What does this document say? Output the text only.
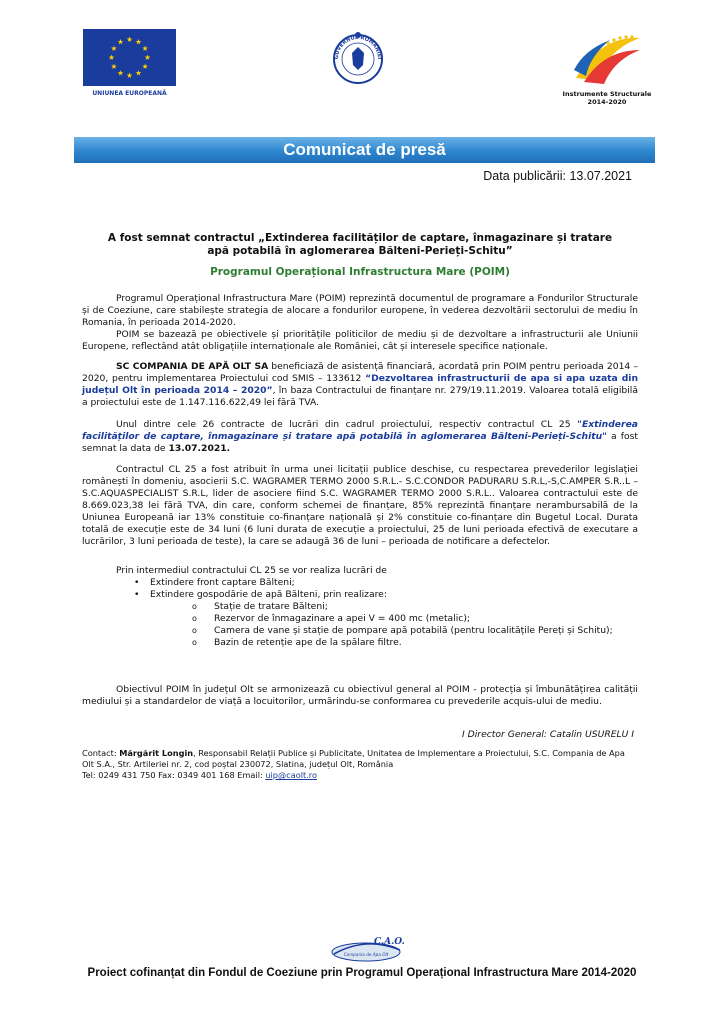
UNIUNEA EUROPEANĂ
GUVERNUL ROMÂNIEI
Instrumente Structurale
2014-2020
Comunicat de presă
Data publicării: 13.07.2021
A fost semnat contractul „Extinderea facilităților de captare, înmagazinare și tratare
apă potabilă în aglomerarea Bălteni-Perieți-Schitu”
Programul Operațional Infrastructura Mare (POIM)

Programul Operațional Infrastructura Mare (POIM) reprezintă documentul de programare a Fondurilor Structurale și de Coeziune, care stabilește strategia de alocare a fondurilor europene, în vederea dezvoltării sectorului de mediu în Romania, în perioada 2014-2020.

POIM se bazează pe obiectivele și prioritățile politicilor de mediu și de dezvoltare a infrastructurii ale Uniunii Europene, reflectând atât obligațiile internaționale ale României, cât și interesele specifice naționale.

SC COMPANIA DE APĂ OLT SA beneficiază de asistență financiară, acordată prin POIM pentru perioada 2014 – 2020, pentru implementarea Proiectului cod SMIS – 133612 “Dezvoltarea infrastructurii de apa si apa uzata din județul Olt în perioada 2014 – 2020”, în baza Contractului de finanțare nr. 279/19.11.2019. Valoarea totală eligibilă a proiectului este de 1.147.116.622,49 lei fără TVA.

Unul dintre cele 26 contracte de lucrări din cadrul proiectului, respectiv contractul CL 25 "Extinderea facilităților de captare, înmagazinare și tratare apă potabilă în aglomerarea Bălteni-Perieți-Schitu" a fost semnat la data de 13.07.2021.

Contractul CL 25 a fost atribuit în urma unei licitații publice deschise, cu respectarea prevederilor legislației românești în domeniu, asocierii S.C. WAGRAMER TERMO 2000 S.R.L.- S.C.CONDOR PADURARU S.R.L,-S,C.AMPER S.R..L – S.C.AQUASPECIALIST S.R.L, lider de asociere fiind S.C. WAGRAMER TERMO 2000 S.R.L.. Valoarea contractului este de 8.669.023,38 lei fără TVA, din care, conform schemei de finanțare, 85% reprezintă finanțare nerambursabilă de la Uniunea Europeană iar 13% constituie co-finanțare națională și 2% constituie co-finanțare din Bugetul Local. Durata totală de execuție este de 34 luni (6 luni durata de execuție a proiectului, 25 de luni perioada efectivă de executare a lucrărilor, 3 luni perioada de teste), la care se adaugă 36 de luni – perioada de notificare a defectelor.

Prin intermediul contractului CL 25 se vor realiza lucrări de

• Extindere front captare Bălteni;
• Extindere gospodărie de apă Bălteni, prin realizare:
o Stație de tratare Bălteni;
o Rezervor de înmagazinare a apei V = 400 mc (metalic);
o Camera de vane și stație de pompare apă potabilă (pentru localitățile Pereți și Schitu);
o Bazin de retenție ape de la spălare filtre.

Obiectivul POIM în județul Olt se armonizează cu obiectivul general al POIM - protecția și îmbunătățirea calității mediului și a standardelor de viață a locuitorilor, urmărindu-se conformarea cu prevederile acquis-ului de mediu.

I Director General: Catalin USURELU I
Contact: Mărgărit Longin, Responsabil Relații Publice și Publicitate, Unitatea de Implementare a Proiectului, S.C. Compania de Apa Olt S.A., Str. Artileriei nr. 2, cod poștal 230072, Slatina, județul Olt, România
Tel: 0249 431 750 Fax: 0349 401 168 Email: uip@caolt.ro
C.A.O.
Compania de Apa Olt
Proiect cofinanțat din Fondul de Coeziune prin Programul Operațional Infrastructura Mare 2014-2020
